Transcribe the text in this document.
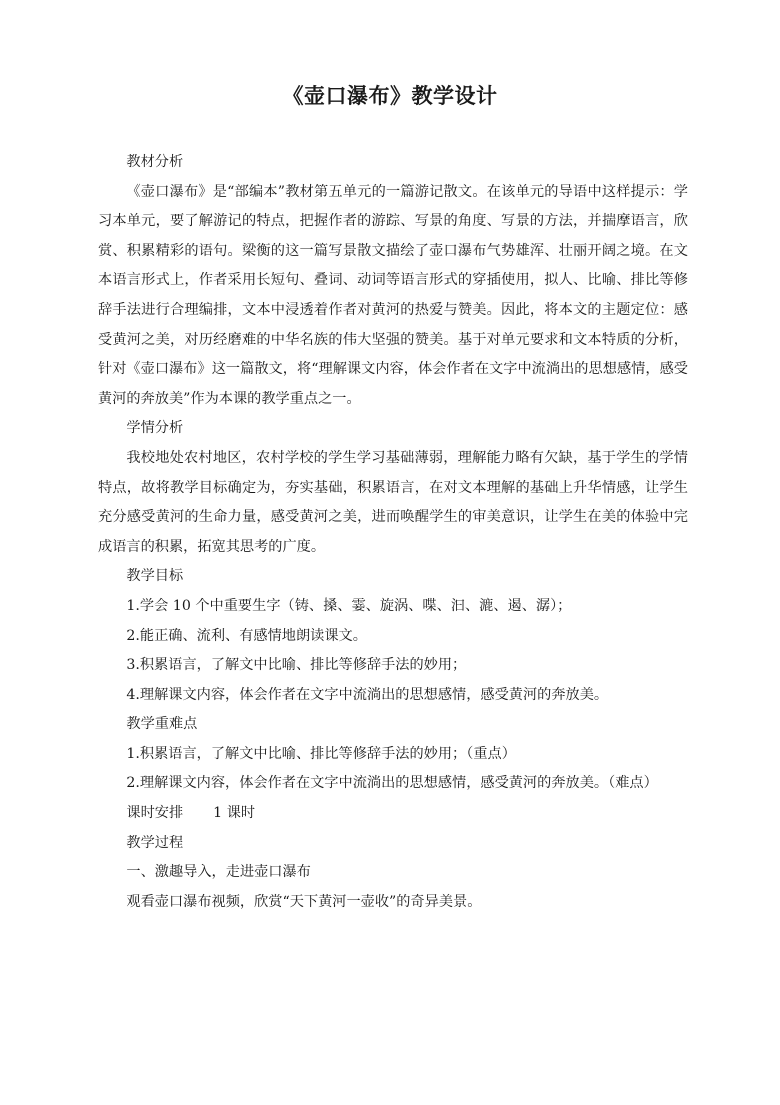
《壶口瀑布》教学设计

教材分析

《壶口瀑布》是“部编本”教材第五单元的一篇游记散文。在该单元的导语中这样提示：学习本单元，要了解游记的特点，把握作者的游踪、写景的角度、写景的方法，并揣摩语言，欣赏、积累精彩的语句。梁衡的这一篇写景散文描绘了壶口瀑布气势雄浑、壮丽开阔之境。在文本语言形式上，作者采用长短句、叠词、动词等语言形式的穿插使用，拟人、比喻、排比等修辞手法进行合理编排，文本中浸透着作者对黄河的热爱与赞美。因此，将本文的主题定位：感受黄河之美，对历经磨难的中华名族的伟大坚强的赞美。基于对单元要求和文本特质的分析，针对《壶口瀑布》这一篇散文，将“理解课文内容，体会作者在文字中流淌出的思想感情，感受黄河的奔放美”作为本课的教学重点之一。

学情分析

我校地处农村地区，农村学校的学生学习基础薄弱，理解能力略有欠缺，基于学生的学情特点，故将教学目标确定为，夯实基础，积累语言，在对文本理解的基础上升华情感，让学生充分感受黄河的生命力量，感受黄河之美，进而唤醒学生的审美意识，让学生在美的体验中完成语言的积累，拓宽其思考的广度。

教学目标

1.学会 10 个中重要生字（铸、搡、霎、旋涡、喋、汩、漉、遏、潺）；

2.能正确、流利、有感情地朗读课文。

3.积累语言，了解文中比喻、排比等修辞手法的妙用；

4.理解课文内容，体会作者在文字中流淌出的思想感情，感受黄河的奔放美。

教学重难点

1.积累语言，了解文中比喻、排比等修辞手法的妙用；（重点）

2.理解课文内容，体会作者在文字中流淌出的思想感情，感受黄河的奔放美。（难点）

课时安排 1 课时

教学过程

一、激趣导入，走进壶口瀑布

观看壶口瀑布视频，欣赏“天下黄河一壶收”的奇异美景。
